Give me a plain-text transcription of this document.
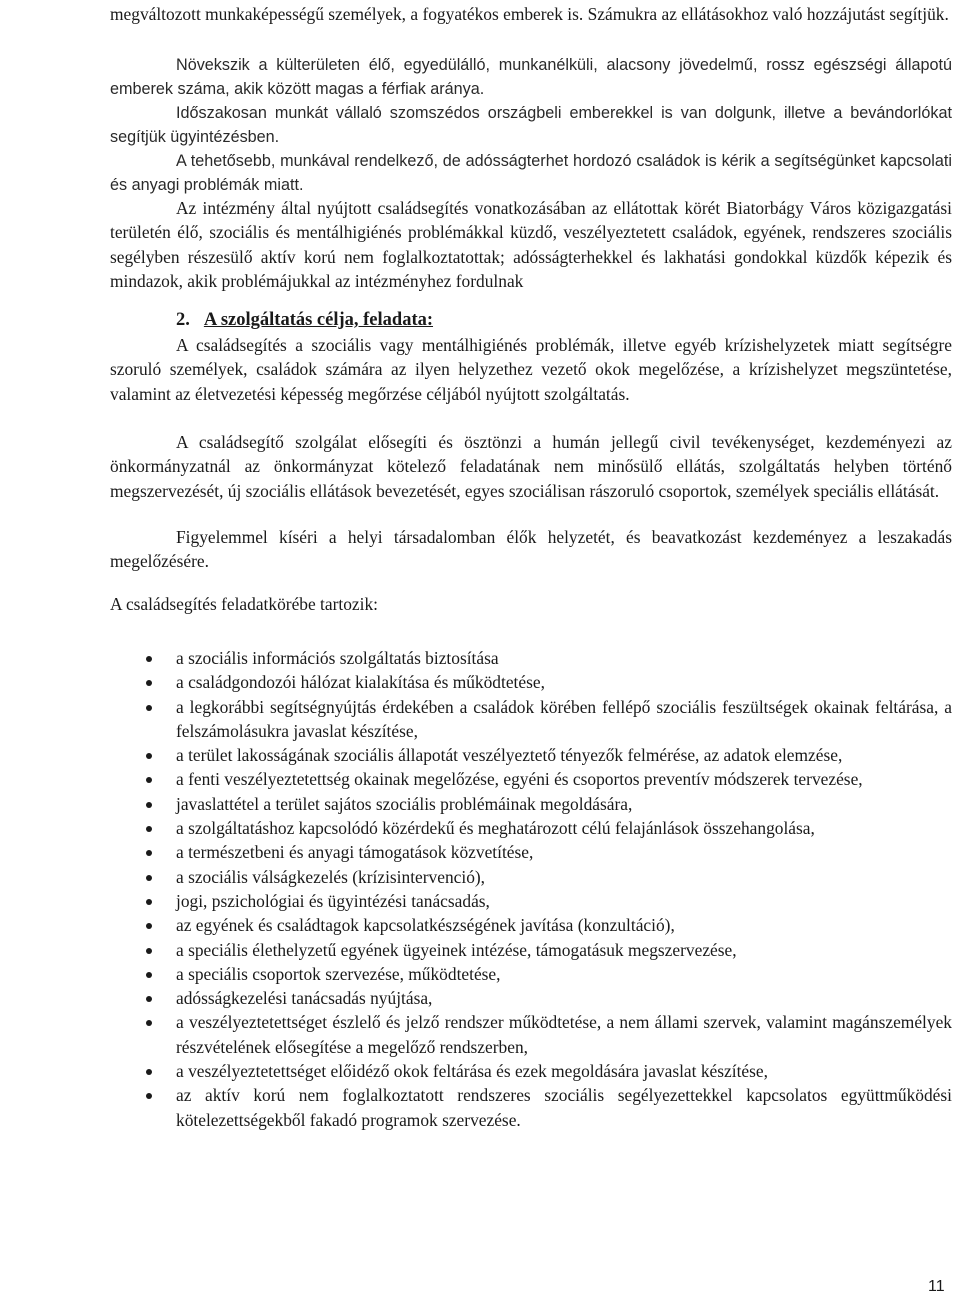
megváltozott munkaképességű személyek, a fogyatékos emberek is. Számukra az ellátásokhoz való hozzájutást segítjük.
Növekszik a külterületen élő, egyedülálló, munkanélküli, alacsony jövedelmű, rossz egészségi állapotú emberek száma, akik között magas a férfiak aránya.
Időszakosan munkát vállaló szomszédos országbeli emberekkel is van dolgunk, illetve a bevándorlókat segítjük ügyintézésben.
A tehetősebb, munkával rendelkező, de adósságterhet hordozó családok is kérik a segítségünket kapcsolati és anyagi problémák miatt.
Az intézmény által nyújtott családsegítés vonatkozásában az ellátottak körét Biatorbágy Város közigazgatási területén élő, szociális és mentálhigiénés problémákkal küzdő, veszélyeztetett családok, egyének, rendszeres szociális segélyben részesülő aktív korú nem foglalkoztatottak; adósságterhekkel és lakhatási gondokkal küzdők képezik és mindazok, akik problémájukkal az intézményhez fordulnak
2. A szolgáltatás célja, feladata:
A családsegítés a szociális vagy mentálhigiénés problémák, illetve egyéb krízishelyzetek miatt segítségre szoruló személyek, családok számára az ilyen helyzethez vezető okok megelőzése, a krízishelyzet megszüntetése, valamint az életvezetési képesség megőrzése céljából nyújtott szolgáltatás.
A családsegítő szolgálat elősegíti és ösztönzi a humán jellegű civil tevékenységet, kezdeményezi az önkormányzatnál az önkormányzat kötelező feladatának nem minősülő ellátás, szolgáltatás helyben történő megszervezését, új szociális ellátások bevezetését, egyes szociálisan rászoruló csoportok, személyek speciális ellátását.
Figyelemmel kíséri a helyi társadalomban élők helyzetét, és beavatkozást kezdeményez a leszakadás megelőzésére.
A családsegítés feladatkörébe tartozik:
a szociális információs szolgáltatás biztosítása
a családgondozói hálózat kialakítása és működtetése,
a legkorábbi segítségnyújtás érdekében a családok körében fellépő szociális feszültségek okainak feltárása, a felszámolásukra javaslat készítése,
a terület lakosságának szociális állapotát veszélyeztető tényezők felmérése, az adatok elemzése,
a fenti veszélyeztetettség okainak megelőzése, egyéni és csoportos preventív módszerek tervezése,
javaslattétel a terület sajátos szociális problémáinak megoldására,
a szolgáltatáshoz kapcsolódó közérdekű és meghatározott célú felajánlások összehangolása,
a természetbeni és anyagi támogatások közvetítése,
a szociális válságkezelés (krízisintervenció),
jogi, pszichológiai és ügyintézési tanácsadás,
az egyének és családtagok kapcsolatkészségének javítása (konzultáció),
a speciális élethelyzetű egyének ügyeinek intézése, támogatásuk megszervezése,
a speciális csoportok szervezése, működtetése,
adósságkezelési tanácsadás nyújtása,
a veszélyeztetettséget észlelő és jelző rendszer működtetése, a nem állami szervek, valamint magánszemélyek részvételének elősegítése a megelőző rendszerben,
a veszélyeztetettséget előidéző okok feltárása és ezek megoldására javaslat készítése,
az aktív korú nem foglalkoztatott rendszeres szociális segélyezettekkel kapcsolatos együttműködési kötelezettségekből fakadó programok szervezése.
11
